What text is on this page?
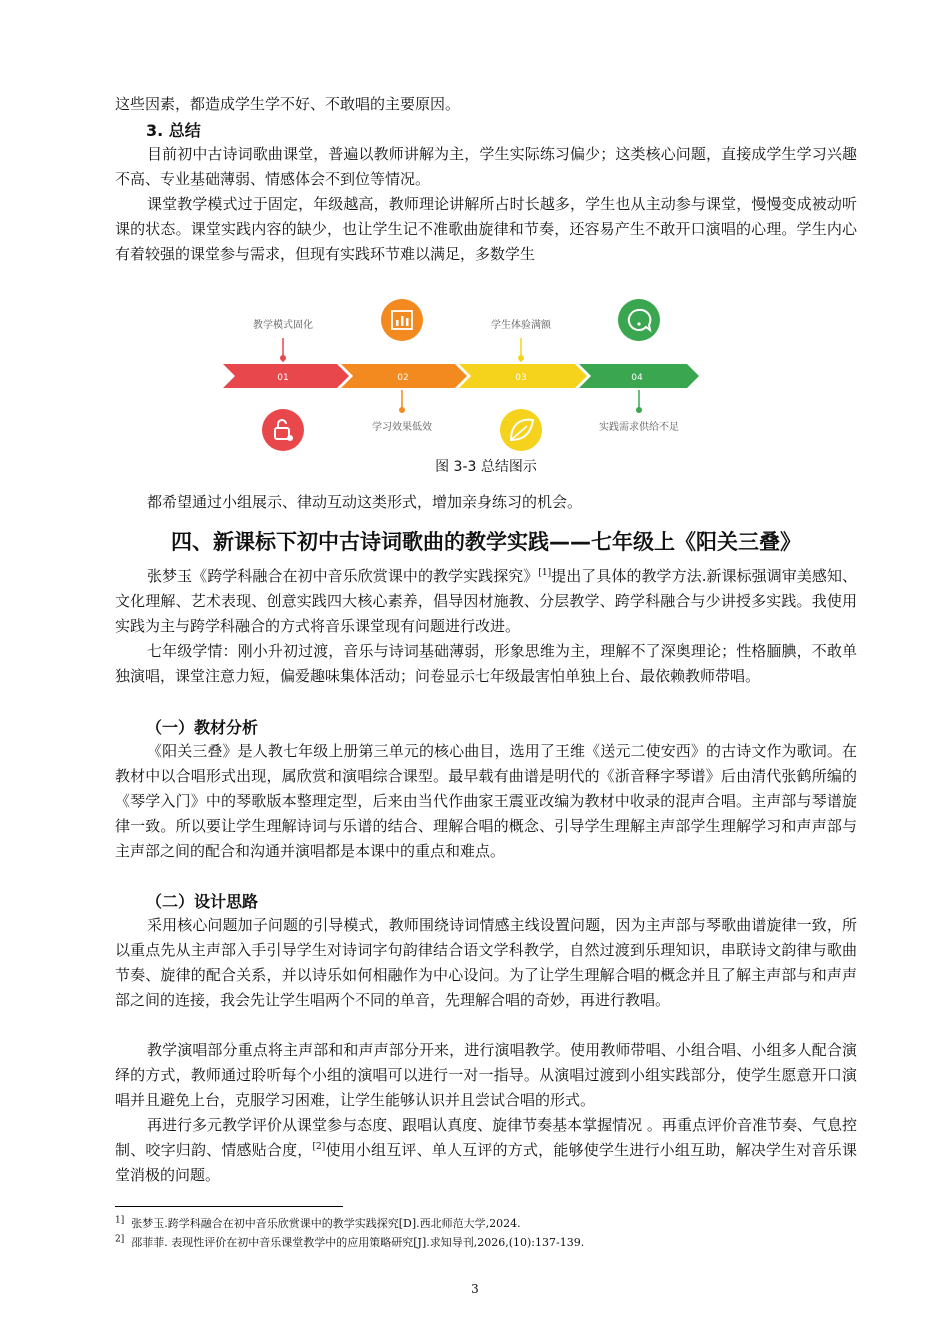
这些因素，都造成学生学不好、不敢唱的主要原因。

3. 总结

目前初中古诗词歌曲课堂，普遍以教师讲解为主，学生实际练习偏少；这类核心问题，直接成学生学习兴趣不高、专业基础薄弱、情感体会不到位等情况。

课堂教学模式过于固定，年级越高，教师理论讲解所占时长越多，学生也从主动参与课堂，慢慢变成被动听课的状态。课堂实践内容的缺少，也让学生记不准歌曲旋律和节奏，还容易产生不敢开口演唱的心理。学生内心有着较强的课堂参与需求，但现有实践环节难以满足，多数学生

01	02	03	04
教学模式固化
学习效果低效
学生体验满额
实践需求供给不足
图 3-3 总结图示

都希望通过小组展示、律动互动这类形式，增加亲身练习的机会。

四、新课标下初中古诗词歌曲的教学实践——七年级上《阳关三叠》

张梦玉《跨学科融合在初中音乐欣赏课中的教学实践探究》[1]提出了具体的教学方法.新课标强调审美感知、文化理解、艺术表现、创意实践四大核心素养，倡导因材施教、分层教学、跨学科融合与少讲授多实践。我使用实践为主与跨学科融合的方式将音乐课堂现有问题进行改进。

七年级学情：刚小升初过渡，音乐与诗词基础薄弱，形象思维为主，理解不了深奥理论；性格腼腆，不敢单独演唱，课堂注意力短，偏爱趣味集体活动；问卷显示七年级最害怕单独上台、最依赖教师带唱。

（一）教材分析

《阳关三叠》是人教七年级上册第三单元的核心曲目，选用了王维《送元二使安西》的古诗文作为歌词。在教材中以合唱形式出现，属欣赏和演唱综合课型。最早载有曲谱是明代的《浙音释字琴谱》后由清代张鹤所编的《琴学入门》中的琴歌版本整理定型，后来由当代作曲家王震亚改编为教材中收录的混声合唱。主声部与琴谱旋律一致。所以要让学生理解诗词与乐谱的结合、理解合唱的概念、引导学生理解主声部学生理解学习和声声部与主声部之间的配合和沟通并演唱都是本课中的重点和难点。

（二）设计思路

采用核心问题加子问题的引导模式，教师围绕诗词情感主线设置问题，因为主声部与琴歌曲谱旋律一致，所以重点先从主声部入手引导学生对诗词字句韵律结合语文学科教学，自然过渡到乐理知识，串联诗文韵律与歌曲节奏、旋律的配合关系，并以诗乐如何相融作为中心设问。为了让学生理解合唱的概念并且了解主声部与和声声部之间的连接，我会先让学生唱两个不同的单音，先理解合唱的奇妙，再进行教唱。

教学演唱部分重点将主声部和和声声部分开来，进行演唱教学。使用教师带唱、小组合唱、小组多人配合演绎的方式，教师通过聆听每个小组的演唱可以进行一对一指导。从演唱过渡到小组实践部分，使学生愿意开口演唱并且避免上台，克服学习困难，让学生能够认识并且尝试合唱的形式。

再进行多元教学评价从课堂参与态度、跟唱认真度、旋律节奏基本掌握情况 。再重点评价音准节奏、气息控制、咬字归韵、情感贴合度，[2]使用小组互评、单人互评的方式，能够使学生进行小组互助，解决学生对音乐课堂消极的问题。

$^{1]}$ 张梦玉.跨学科融合在初中音乐欣赏课中的教学实践探究[D].西北师范大学,2024.

$^{2]}$ 邵菲菲. 表现性评价在初中音乐课堂教学中的应用策略研究[J].求知导刊,2026,(10):137-139.

3
